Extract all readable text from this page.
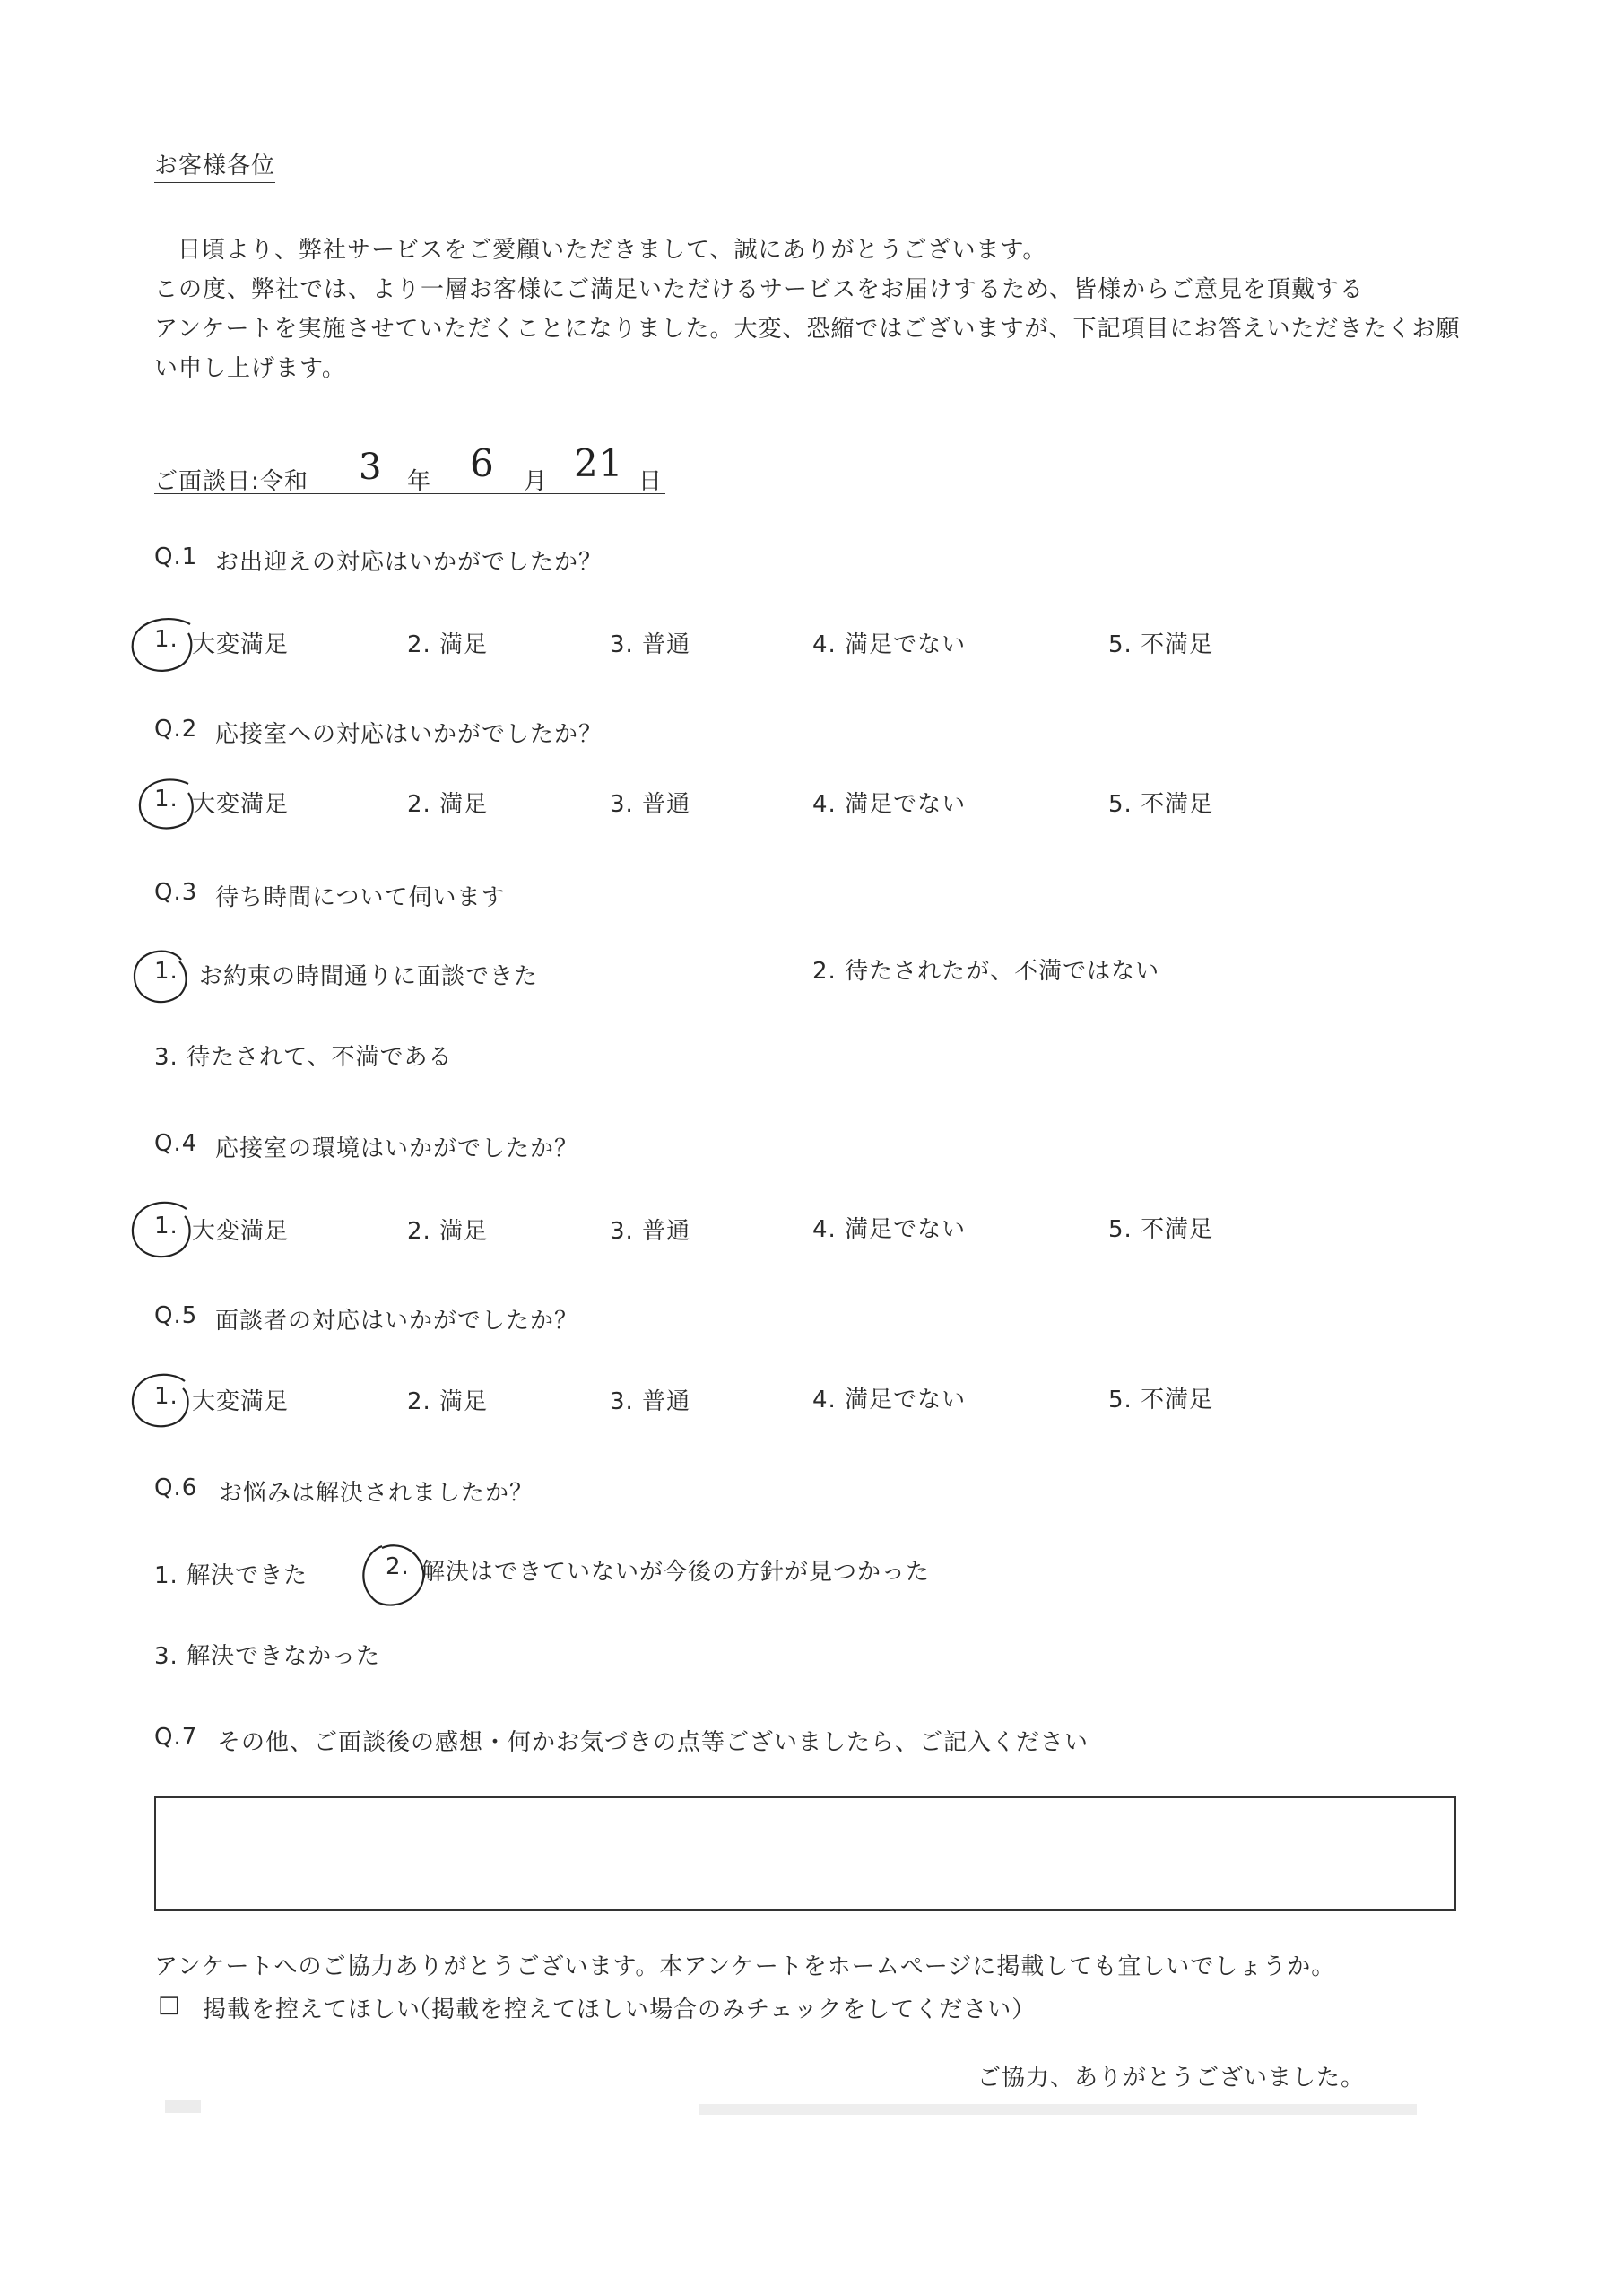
お客様各位
日頃より、弊社サービスをご愛顧いただきまして、誠にありがとうございます。
この度、弊社では、より一層お客様にご満足いただけるサービスをお届けするため、皆様からご意見を頂戴する
アンケートを実施させていただくことになりました。大変、恐縮ではございますが、下記項目にお答えいただきたくお願
い申し上げます。
ご面談日: 令和 3 年 6 月 21 日
Q.1 お出迎えの対応はいかがでしたか？
1. 大変満足	2. 満足	3. 普通	4. 満足でない	5. 不満足
Q.2 応接室への対応はいかがでしたか？
1. 大変満足	2. 満足	3. 普通	4. 満足でない	5. 不満足
Q.3 待ち時間について伺います
1. お約束の時間通りに面談できた	2. 待たされたが、不満ではない
3. 待たされて、不満である
Q.4 応接室の環境はいかがでしたか？
1. 大変満足	2. 満足	3. 普通	4. 満足でない	5. 不満足
Q.5 面談者の対応はいかがでしたか？
1. 大変満足	2. 満足	3. 普通	4. 満足でない	5. 不満足
Q.6 お悩みは解決されましたか？
1. 解決できた	2. 解決はできていないが今後の方針が見つかった
3. 解決できなかった
Q.7 その他、ご面談後の感想・何かお気づきの点等ございましたら、ご記入ください
アンケートへのご協力ありがとうございます。本アンケートをホームページに掲載しても宜しいでしょうか。
□ 掲載を控えてほしい
（掲載を控えてほしい場合のみチェックをしてください）
ご協力、ありがとうございました。
